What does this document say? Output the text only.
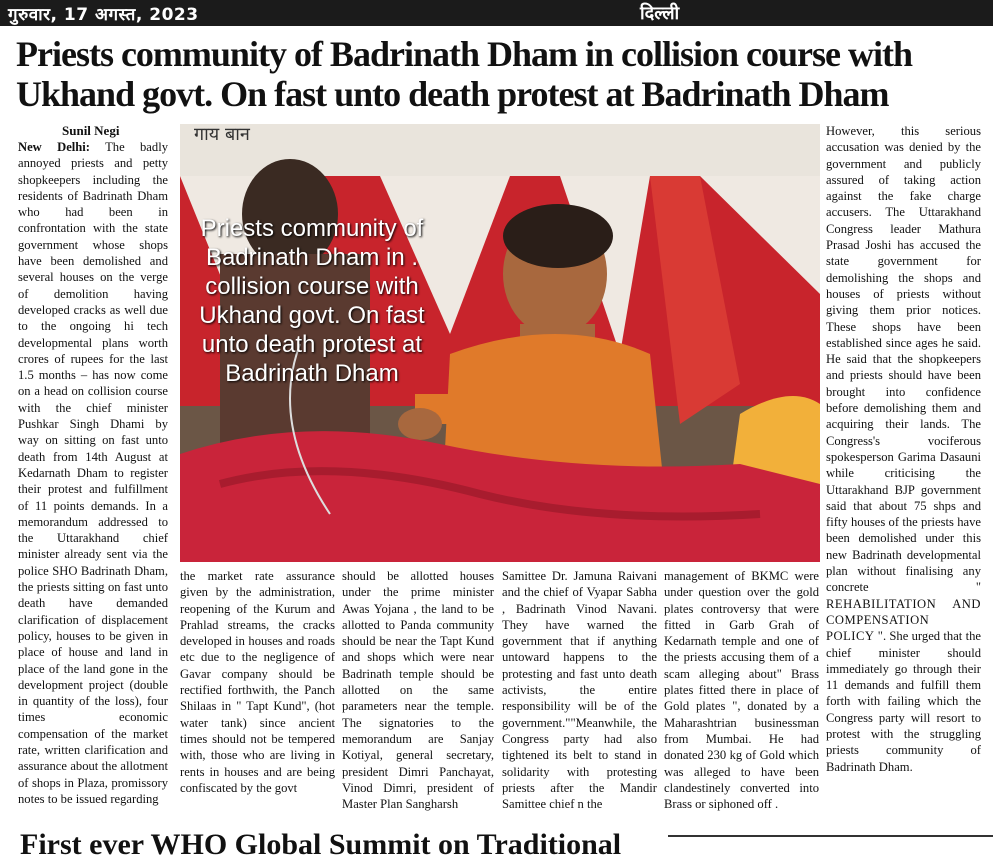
गुरुवार, 17 अगस्त, 2023	दिल्ली
Priests community of Badrinath Dham in collision course with
Ukhand govt. On fast unto death protest at Badrinath Dham
Sunil Negi
New Delhi: The badly annoyed priests and petty shopkeepers including the residents of Badrinath Dham who had been in confrontation with the state government whose shops have been demolished and several houses on the verge of demolition having developed cracks as well due to the ongoing hi tech developmental plans worth crores of rupees for the last 1.5 months – has now come on a head on collision course with the chief minister Pushkar Singh Dhami by way on sitting on fast unto death from 14th August at Kedarnath Dham to register their protest and fulfillment of 11 points demands. In a memorandum addressed to the Uttarakhand chief minister already sent via the police SHO Badrinath Dham, the priests sitting on fast unto death have demanded clarification of displacement policy, houses to be given in place of house and land in place of the land gone in the development project (double in quantity of the loss), four times economic compensation of the market rate, written clarification and assurance about the allotment of shops in Plaza, promissory notes to be issued regarding
गाय बान
Priests community of Badrinath Dham in . collision course with Ukhand govt. On fast unto death protest at Badrinath Dham
the market rate assurance given by the administration, reopening of the Kurum and Prahlad streams, the cracks developed in houses and roads etc due to the negligence of Gavar company should be rectified forthwith, the Panch Shilaas in " Tapt Kund", (hot water tank) since ancient times should not be tempered with, those who are living in rents in houses and are being confiscated by the govt
should be allotted houses under the prime minister Awas Yojana , the land to be allotted to Panda community should be near the Tapt Kund and shops which were near Badrinath temple should be allotted on the same parameters near the temple. The signatories to the memorandum are Sanjay Kotiyal, general secretary, president Dimri Panchayat, Vinod Dimri, president of Master Plan Sangharsh
Samittee Dr. Jamuna Raivani and the chief of Vyapar Sabha , Badrinath Vinod Navani. They have warned the government that if anything untoward happens to the protesting and fast unto death activists, the entire responsibility will be of the government.""Meanwhile, the Congress party had also tightened its belt to stand in solidarity with protesting priests after the Mandir Samittee chief n the
management of BKMC were under question over the gold plates controversy that were fitted in Garb Grah of Kedarnath temple and one of the priests accusing them of a scam alleging about" Brass plates fitted there in place of Gold plates ", donated by a Maharashtrian businessman from Mumbai. He had donated 230 kg of Gold which was alleged to have been clandestinely converted into Brass or siphoned off .
However, this serious accusation was denied by the government and publicly assured of taking action against the fake charge accusers. The Uttarakhand Congress leader Mathura Prasad Joshi has accused the state government for demolishing the shops and houses of priests without giving them prior notices. These shops have been established since ages he said. He said that the shopkeepers and priests should have been brought into confidence before demolishing them and acquiring their lands. The Congress's vociferous spokesperson Garima Dasauni while criticising the Uttarakhand BJP government said that about 75 shps and fifty houses of the priests have been demolished under this new Badrinath developmental plan without finalising any concrete " REHABILITATION AND COMPENSATION POLICY ". She urged that the chief minister should immediately go through their 11 demands and fulfill them forth with failing which the Congress party will resort to protest with the struggling priests community of Badrinath Dham.
First ever WHO Global Summit on Traditional
